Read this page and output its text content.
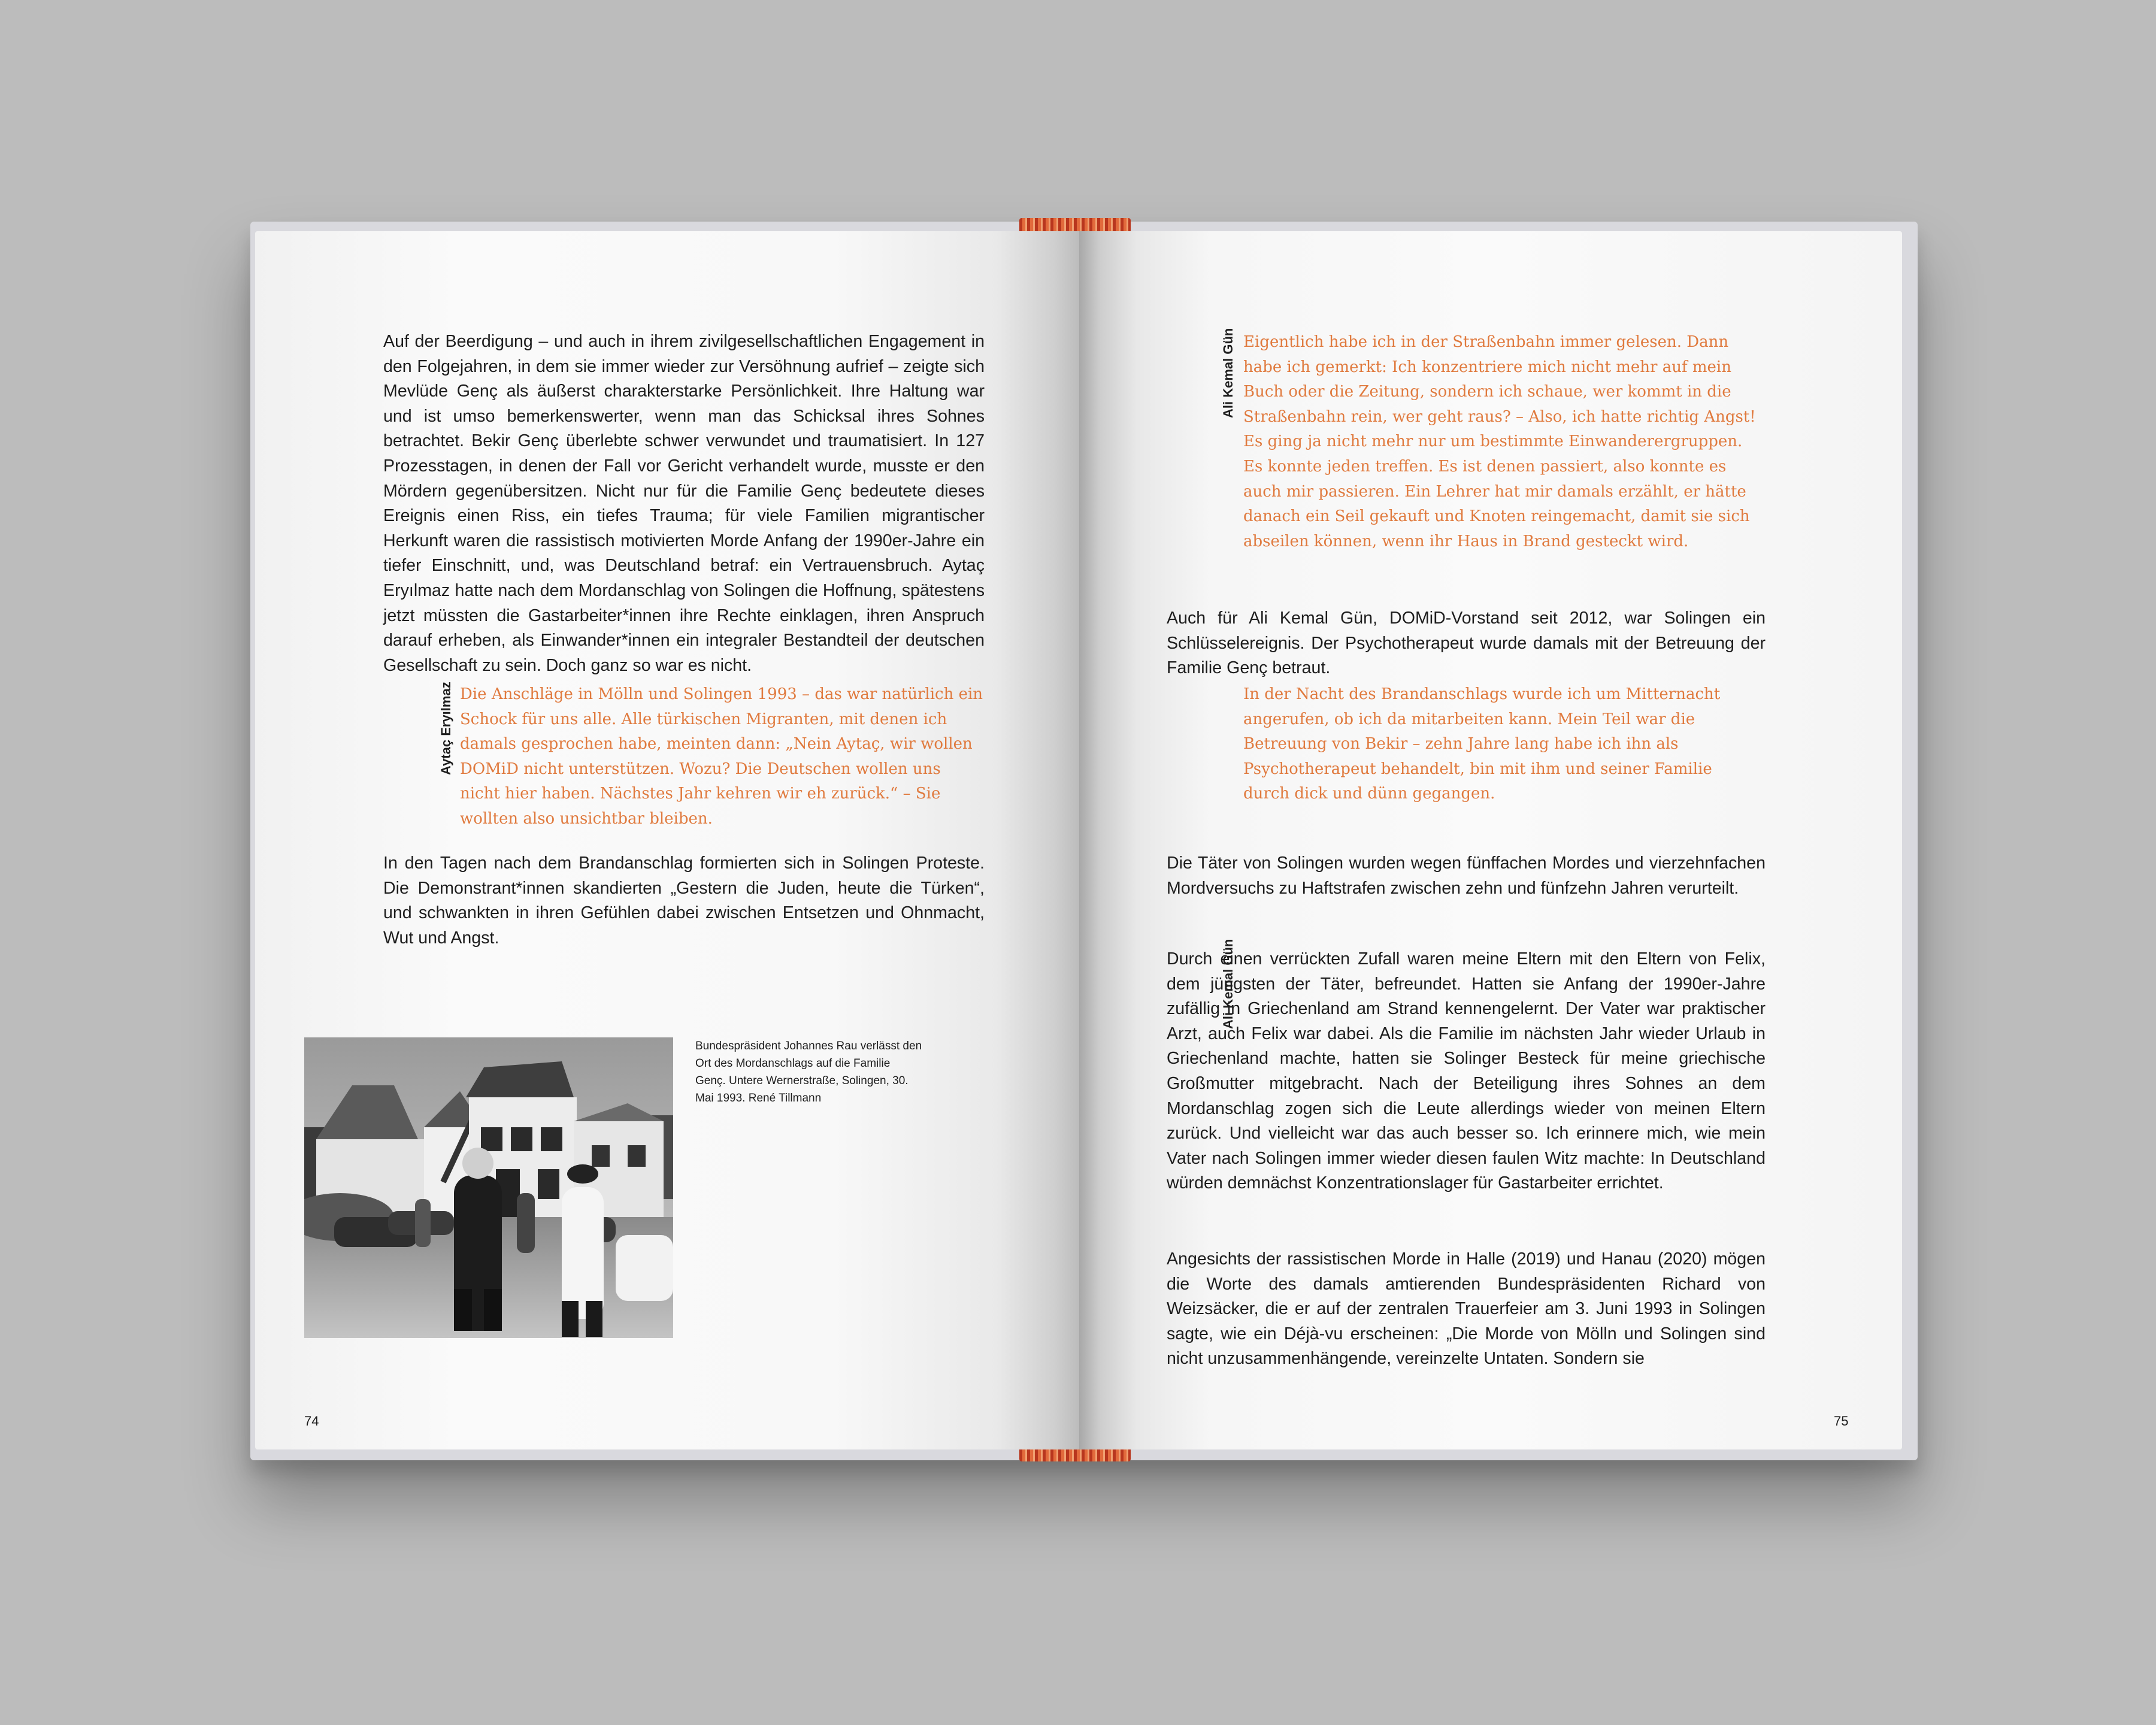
Auf der Beerdigung – und auch in ihrem zivilgesellschaftlichen Engagement in den Folgejahren, in dem sie immer wieder zur Versöhnung aufrief – zeigte sich Mevlüde Genç als äußerst charakterstarke Persönlichkeit. Ihre Haltung war und ist umso bemerkenswerter, wenn man das Schicksal ihres Sohnes betrachtet. Bekir Genç überlebte schwer verwundet und traumatisiert. In 127 Prozesstagen, in denen der Fall vor Gericht verhandelt wurde, musste er den Mördern gegenübersitzen. Nicht nur für die Familie Genç bedeutete dieses Ereignis einen Riss, ein tiefes Trauma; für viele Familien migrantischer Herkunft waren die rassistisch motivierten Morde Anfang der 1990er-Jahre ein tiefer Einschnitt, und, was Deutschland betraf: ein Vertrauensbruch. Aytaç Eryılmaz hatte nach dem Mordanschlag von Solingen die Hoffnung, spätestens jetzt müssten die Gastarbeiter*innen ihre Rechte einklagen, ihren Anspruch darauf erheben, als Einwander*innen ein integraler Bestandteil der deutschen Gesellschaft zu sein. Doch ganz so war es nicht.

Aytaç Eryılmaz Die Anschläge in Mölln und Solingen 1993 – das war natürlich ein Schock für uns alle. Alle türkischen Migranten, mit denen ich damals gesprochen habe, meinten dann: „Nein Aytaç, wir wollen DOMiD nicht unterstützen. Wozu? Die Deutschen wollen uns nicht hier haben. Nächstes Jahr kehren wir eh zurück.“ – Sie wollten also unsichtbar bleiben.

In den Tagen nach dem Brandanschlag formierten sich in Solingen Proteste. Die Demonstrant*innen skandierten „Gestern die Juden, heute die Türken“, und schwankten in ihren Gefühlen dabei zwischen Entsetzen und Ohnmacht, Wut und Angst.

Bundespräsident Johannes Rau verlässt den Ort des Mordanschlags auf die Familie Genç. Untere Wernerstraße, Solingen, 30. Mai 1993. René Tillmann

74
Ali Kemal Gün Eigentlich habe ich in der Straßenbahn immer gelesen. Dann habe ich gemerkt: Ich konzentriere mich nicht mehr auf mein Buch oder die Zeitung, sondern ich schaue, wer kommt in die Straßenbahn rein, wer geht raus? – Also, ich hatte richtig Angst! Es ging ja nicht mehr nur um bestimmte Einwanderergruppen. Es konnte jeden treffen. Es ist denen passiert, also konnte es auch mir passieren. Ein Lehrer hat mir damals erzählt, er hätte danach ein Seil gekauft und Knoten reingemacht, damit sie sich abseilen können, wenn ihr Haus in Brand gesteckt wird.

Auch für Ali Kemal Gün, DOMiD-Vorstand seit 2012, war Solingen ein Schlüsselereignis. Der Psychotherapeut wurde damals mit der Betreuung der Familie Genç betraut.

Ali Kemal Gün

In der Nacht des Brandanschlags wurde ich um Mitternacht angerufen, ob ich da mitarbeiten kann. Mein Teil war die Betreuung von Bekir – zehn Jahre lang habe ich ihn als Psychotherapeut behandelt, bin mit ihm und seiner Familie durch dick und dünn gegangen.

Die Täter von Solingen wurden wegen fünffachen Mordes und vierzehnfachen Mordversuchs zu Haftstrafen zwischen zehn und fünfzehn Jahren verurteilt.

Durch einen verrückten Zufall waren meine Eltern mit den Eltern von Felix, dem jüngsten der Täter, befreundet. Hatten sie Anfang der 1990er-Jahre zufällig in Griechenland am Strand kennengelernt. Der Vater war praktischer Arzt, auch Felix war dabei. Als die Familie im nächsten Jahr wieder Urlaub in Griechenland machte, hatten sie Solinger Besteck für meine griechische Großmutter mitgebracht. Nach der Beteiligung ihres Sohnes an dem Mordanschlag zogen sich die Leute allerdings wieder von meinen Eltern zurück. Und vielleicht war das auch besser so. Ich erinnere mich, wie mein Vater nach Solingen immer wieder diesen faulen Witz machte: In Deutschland würden demnächst Konzentrationslager für Gastarbeiter errichtet.

Angesichts der rassistischen Morde in Halle (2019) und Hanau (2020) mögen die Worte des damals amtierenden Bundespräsidenten Richard von Weizsäcker, die er auf der zentralen Trauerfeier am 3. Juni 1993 in Solingen sagte, wie ein Déjà-vu erscheinen: „Die Morde von Mölln und Solingen sind nicht unzusammenhängende, vereinzelte Untaten. Sondern sie

75
